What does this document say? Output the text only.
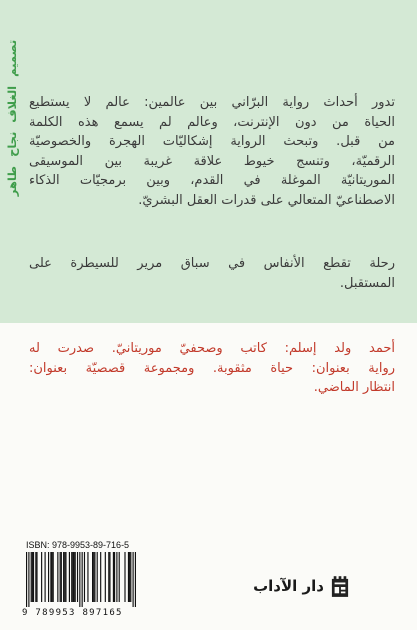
تصميم الغلاف نجاح طاهر تدور أحداث رواية البرّاني بين عالمين: عالم لا يستطيع
الحياة من دون الإنترنت، وعالم لم يسمع هذه الكلمة
من قبل. وتبحث الرواية إشكاليّات الهجرة والخصوصيّة
الرقميّة، وتنسج خيوط علاقة غريبة بين الموسيقى
الموريتانيّة الموغلة في القدم، وبين برمجيّات الذكاء
الاصطناعيّ المتعالي على قدرات العقل البشريّ.
رحلة تقطع الأنفاس في سباق مرير للسيطرة على
المستقبل.
أحمد ولد إسلم: كاتب وصحفيّ موريتانيّ. صدرت له
رواية بعنوان: حياة مثقوبة. ومجموعة قصصيّة بعنوان:
انتظار الماضي.
ISBN: 978-9953-89-716-5
9 789953 897165
دار الآداب
